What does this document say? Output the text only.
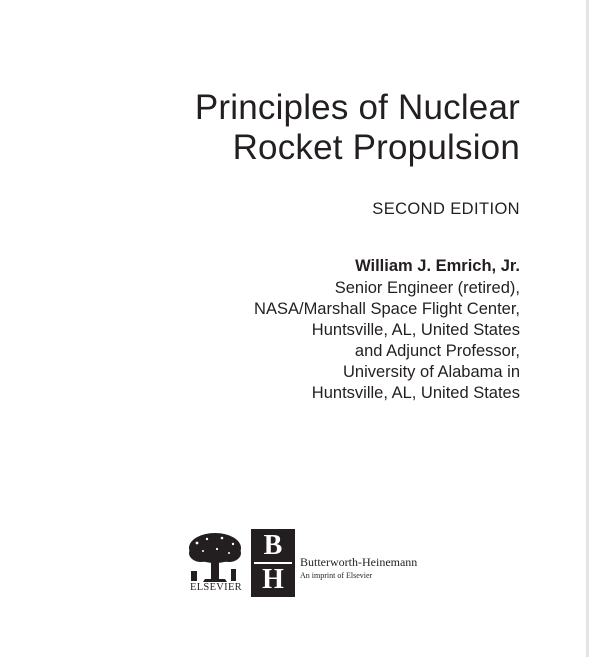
Principles of Nuclear
Rocket Propulsion
SECOND EDITION
William J. Emrich, Jr.
Senior Engineer (retired),
NASA/Marshall Space Flight Center,
Huntsville, AL, United States
and Adjunct Professor,
University of Alabama in
Huntsville, AL, United States
ELSEVIER
B
H
Butterworth-Heinemann
An imprint of Elsevier
